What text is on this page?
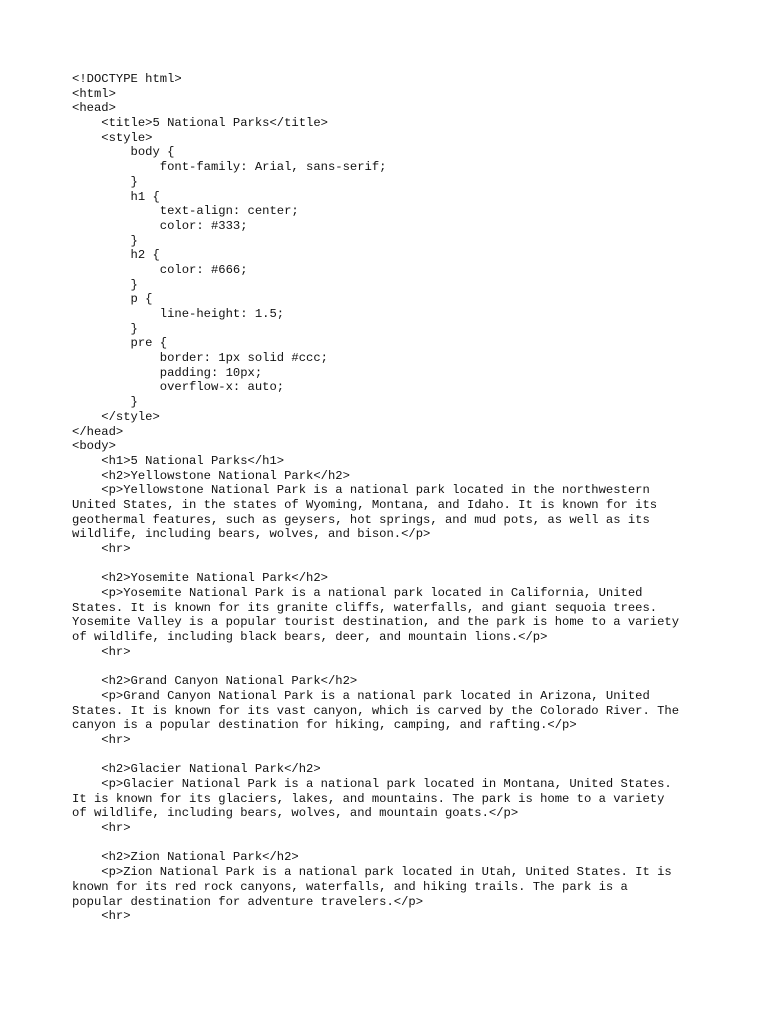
<!DOCTYPE html>
<html>
<head>
<title>5 National Parks</title>
<style>
body {
font-family: Arial, sans-serif;
}
h1 {
text-align: center;
color: #333;
}
h2 {
color: #666;
}
p {
line-height: 1.5;
}
pre {
border: 1px solid #ccc;
padding: 10px;
overflow-x: auto;
}
</style>
</head>
<body>
<h1>5 National Parks</h1>
<h2>Yellowstone National Park</h2>
<p>Yellowstone National Park is a national park located in the northwestern
United States, in the states of Wyoming, Montana, and Idaho. It is known for its
geothermal features, such as geysers, hot springs, and mud pots, as well as its
wildlife, including bears, wolves, and bison.</p>
<hr>
<h2>Yosemite National Park</h2>
<p>Yosemite National Park is a national park located in California, United
States. It is known for its granite cliffs, waterfalls, and giant sequoia trees.
Yosemite Valley is a popular tourist destination, and the park is home to a variety
of wildlife, including black bears, deer, and mountain lions.</p>
<hr>
<h2>Grand Canyon National Park</h2>
<p>Grand Canyon National Park is a national park located in Arizona, United
States. It is known for its vast canyon, which is carved by the Colorado River. The
canyon is a popular destination for hiking, camping, and rafting.</p>
<hr>
<h2>Glacier National Park</h2>
<p>Glacier National Park is a national park located in Montana, United States.
It is known for its glaciers, lakes, and mountains. The park is home to a variety
of wildlife, including bears, wolves, and mountain goats.</p>
<hr>
<h2>Zion National Park</h2>
<p>Zion National Park is a national park located in Utah, United States. It is
known for its red rock canyons, waterfalls, and hiking trails. The park is a
popular destination for adventure travelers.</p>
<hr>
